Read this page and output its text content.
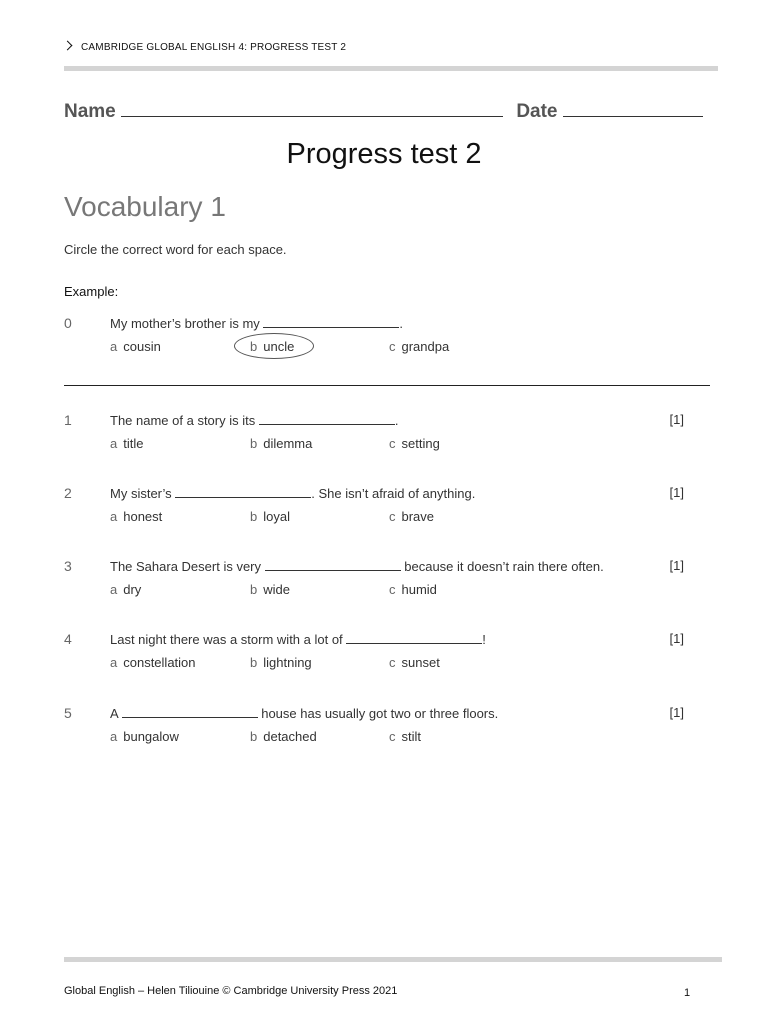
CAMBRIDGE GLOBAL ENGLISH 4: PROGRESS TEST 2
Name	Date
Progress test 2
Vocabulary 1
Circle the correct word for each space.
Example:
0	My mother’s brother is my	.
a cousin	b uncle	c grandpa
1	The name of a story is its	.	[1]
a title	b dilemma	c setting
2	My sister’s	. She isn’t afraid of anything.	[1]
a honest	b loyal	c brave
3	The Sahara Desert is very	because it doesn’t rain there often.	[1]
a dry	b wide	c humid
4	Last night there was a storm with a lot of	!	[1]
a constellation	b lightning	c sunset
5	A	house has usually got two or three floors.	[1]
a bungalow	b detached	c stilt
Global English – Helen Tiliouine © Cambridge University Press 2021	1
